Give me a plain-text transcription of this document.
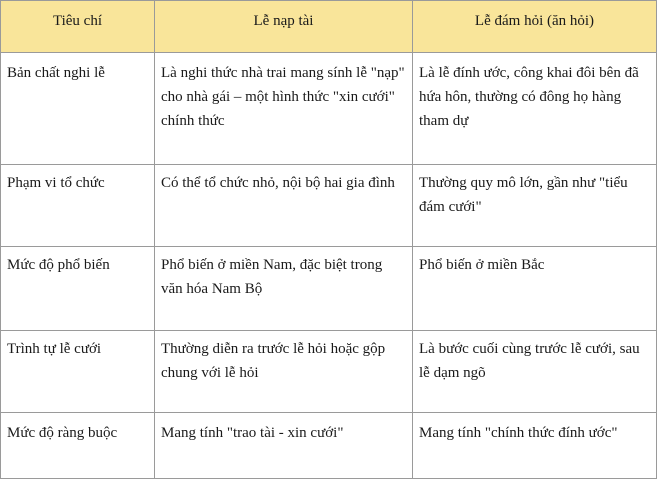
Tiêu chí	Lễ nạp tài	Lễ đám hỏi (ăn hỏi)
Bản chất nghi lễ	Là nghi thức nhà trai mang sính lễ "nạp" cho nhà gái – một hình thức "xin cưới" chính thức	Là lễ đính ước, công khai đôi bên đã hứa hôn, thường có đông họ hàng tham dự
Phạm vi tổ chức	Có thể tổ chức nhỏ, nội bộ hai gia đình	Thường quy mô lớn, gần như "tiểu đám cưới"
Mức độ phổ biến	Phổ biến ở miền Nam, đặc biệt trong văn hóa Nam Bộ	Phổ biến ở miền Bắc
Trình tự lễ cưới	Thường diễn ra trước lễ hỏi hoặc gộp chung với lễ hỏi	Là bước cuối cùng trước lễ cưới, sau lễ dạm ngõ
Mức độ ràng buộc	Mang tính "trao tài - xin cưới"	Mang tính "chính thức đính ước"
